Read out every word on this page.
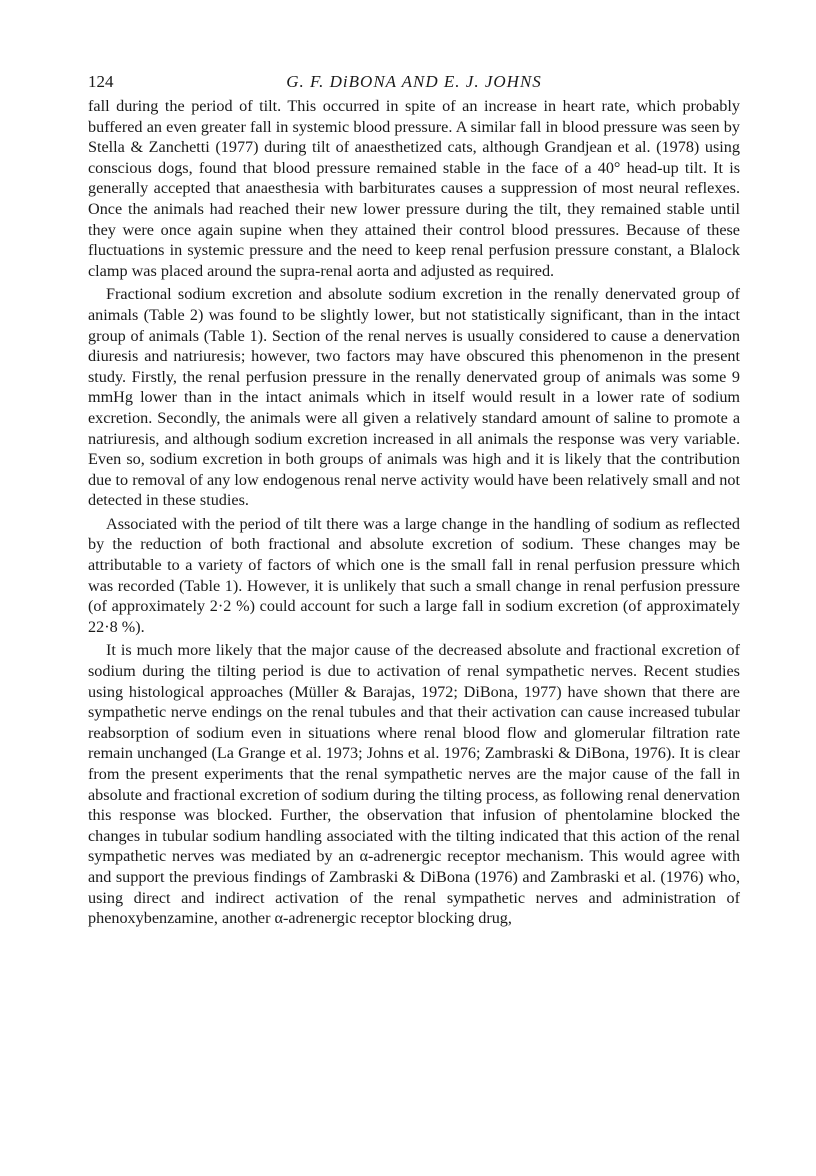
124	G. F. DiBONA AND E. J. JOHNS

fall during the period of tilt. This occurred in spite of an increase in heart rate, which probably buffered an even greater fall in systemic blood pressure. A similar fall in blood pressure was seen by Stella & Zanchetti (1977) during tilt of anaesthetized cats, although Grandjean et al. (1978) using conscious dogs, found that blood pressure remained stable in the face of a 40° head-up tilt. It is generally accepted that anaesthesia with barbiturates causes a suppression of most neural reflexes. Once the animals had reached their new lower pressure during the tilt, they remained stable until they were once again supine when they attained their control blood pressures. Because of these fluctuations in systemic pressure and the need to keep renal perfusion pressure constant, a Blalock clamp was placed around the supra-renal aorta and adjusted as required.

Fractional sodium excretion and absolute sodium excretion in the renally denervated group of animals (Table 2) was found to be slightly lower, but not statistically significant, than in the intact group of animals (Table 1). Section of the renal nerves is usually considered to cause a denervation diuresis and natriuresis; however, two factors may have obscured this phenomenon in the present study. Firstly, the renal perfusion pressure in the renally denervated group of animals was some 9 mmHg lower than in the intact animals which in itself would result in a lower rate of sodium excretion. Secondly, the animals were all given a relatively standard amount of saline to promote a natriuresis, and although sodium excretion increased in all animals the response was very variable. Even so, sodium excretion in both groups of animals was high and it is likely that the contribution due to removal of any low endogenous renal nerve activity would have been relatively small and not detected in these studies.

Associated with the period of tilt there was a large change in the handling of sodium as reflected by the reduction of both fractional and absolute excretion of sodium. These changes may be attributable to a variety of factors of which one is the small fall in renal perfusion pressure which was recorded (Table 1). However, it is unlikely that such a small change in renal perfusion pressure (of approximately 2·2 %) could account for such a large fall in sodium excretion (of approximately 22·8 %).

It is much more likely that the major cause of the decreased absolute and fractional excretion of sodium during the tilting period is due to activation of renal sympathetic nerves. Recent studies using histological approaches (Müller & Barajas, 1972; DiBona, 1977) have shown that there are sympathetic nerve endings on the renal tubules and that their activation can cause increased tubular reabsorption of sodium even in situations where renal blood flow and glomerular filtration rate remain unchanged (La Grange et al. 1973; Johns et al. 1976; Zambraski & DiBona, 1976). It is clear from the present experiments that the renal sympathetic nerves are the major cause of the fall in absolute and fractional excretion of sodium during the tilting process, as following renal denervation this response was blocked. Further, the observation that infusion of phentolamine blocked the changes in tubular sodium handling associated with the tilting indicated that this action of the renal sympathetic nerves was mediated by an α-adrenergic receptor mechanism. This would agree with and support the previous findings of Zambraski & DiBona (1976) and Zambraski et al. (1976) who, using direct and indirect activation of the renal sympathetic nerves and administration of phenoxybenzamine, another α-adrenergic receptor blocking drug,
